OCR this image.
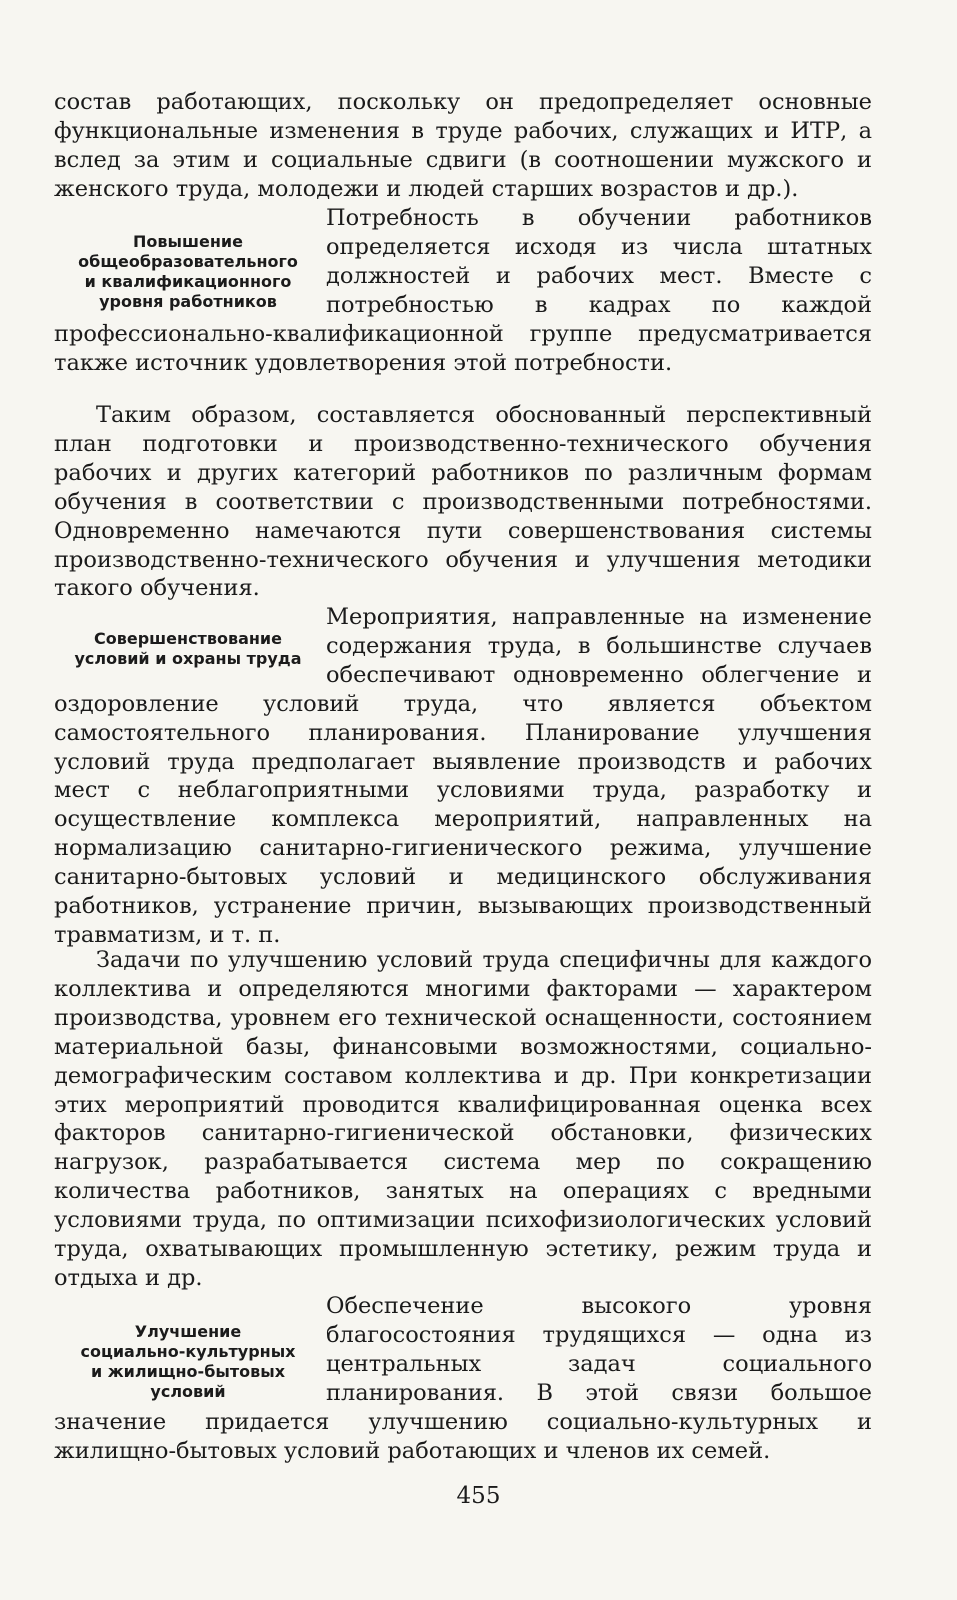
состав работающих, поскольку он предопределяет основные функциональные изменения в труде рабочих, служащих и ИТР, а вслед за этим и социальные сдвиги (в соотношении мужского и женского труда, молодежи и людей старших возрастов и др.).

Повышение
общеобразовательного
и квалификационного
уровня работников

Потребность в обучении работников определяется исходя из числа штатных должностей и рабочих мест. Вместе с потребностью в кадрах по каждой профессионально-квалификационной группе предусматривается также источник удовлетворения этой потребности.

Таким образом, составляется обоснованный перспективный план подготовки и производственно-технического обучения рабочих и других категорий работников по различным формам обучения в соответствии с производственными потребностями. Одновременно намечаются пути совершенствования системы производственно-технического обучения и улучшения методики такого обучения.

Совершенствование
условий и охраны труда

Мероприятия, направленные на изменение содержания труда, в большинстве случаев обеспечивают одновременно облегчение и оздоровление условий труда, что является объектом самостоятельного планирования. Планирование улучшения условий труда предполагает выявление производств и рабочих мест с неблагоприятными условиями труда, разработку и осуществление комплекса мероприятий, направленных на нормализацию санитарно-гигиенического режима, улучшение санитарно-бытовых условий и медицинского обслуживания работников, устранение причин, вызывающих производственный травматизм, и т. п.

Задачи по улучшению условий труда специфичны для каждого коллектива и определяются многими факторами — характером производства, уровнем его технической оснащенности, состоянием материальной базы, финансовыми возможностями, социально-демографическим составом коллектива и др. При конкретизации этих мероприятий проводится квалифицированная оценка всех факторов санитарно-гигиенической обстановки, физических нагрузок, разрабатывается система мер по сокращению количества работников, занятых на операциях с вредными условиями труда, по оптимизации психофизиологических условий труда, охватывающих промышленную эстетику, режим труда и отдыха и др.

Улучшение
социально-культурных
и жилищно-бытовых
условий

Обеспечение высокого уровня благосостояния трудящихся — одна из центральных задач социального планирования. В этой связи большое значение придается улучшению социально-культурных и жилищно-бытовых условий работающих и членов их семей.

455
